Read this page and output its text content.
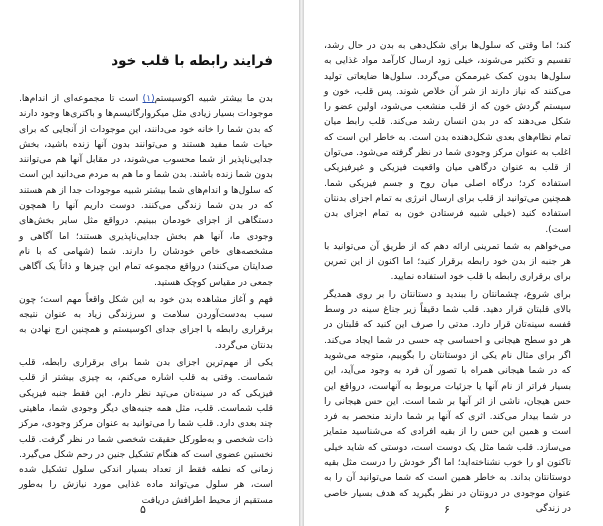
فرایند رابطه با قلب خود

بدن ما بیشتر شبیه اکوسیستم(۱) است تا مجموعه‌ای از اندام‌ها. موجودات بسیار زیادی مثل میکروارگانیسم‌ها و باکتری‌ها وجود دارند که بدن شما را خانه خود می‌دانند، این موجودات از آنجایی که برای حیات شما مفید هستند و می‌توانند بدون آنها زنده باشید، بخش جدایی‌ناپذیر از شما محسوب می‌شوند، در مقابل آنها هم می‌توانند بدون شما زنده باشند. بدن شما و ما هم به مردم می‌دانید این است که سلول‌ها و اندام‌های شما بیشتر شبیه موجودات جدا از هم هستند که در بدن شما زندگی می‌کنند. دوست داریم آنها را همچون دستگاهی از اجزای خودمان ببینیم. درواقع مثل سایر بخش‌های وجودی ما، آنها هم بخش جدایی‌ناپذیری هستند؛ اما آگاهی و مشخصه‌های خاص خودشان را دارند. شما (شهامی که با نام صدایتان می‌کنند) درواقع مجموعه تمام این چیزها و ذاتاً یک آگاهی جمعی در مقیاس کوچک هستید.

فهم و آغاز مشاهده بدن خود به این شکل واقعاً مهم است؛ چون سبب به‌دست‌آوردن سلامت و سرزندگی زیاد به عنوان نتیجه برقراری رابطه با اجزای جدای اکوسیستم و همچنین ارج نهادن به بدنتان می‌گردد.

یکی از مهم‌ترین اجزای بدن شما برای برقراری رابطه، قلب شماست. وقتی به قلب اشاره می‌کنم، به چیزی بیشتر از قلب فیزیکی که در سینه‌تان می‌تپد نظر دارم. این فقط جنبه فیزیکی قلب شماست. قلب، مثل همه جنبه‌های دیگر وجودی شما، ماهیتی چند بعدی دارد. قلب شما را می‌توانید به عنوان مرکز وجودی، مرکز ذات شخصی و به‌طورکل حقیقت شخصی شما در نظر گرفت. قلب نخستین عضوی است که هنگام تشکیل جنین در رحم شکل می‌گیرد. زمانی که نطفه فقط از تعداد بسیار اندکی سلول تشکیل شده است، هر سلول می‌تواند ماده غذایی مورد نیازش را به‌طور مستقیم از محیط اطرافش دریافت

۵

کند؛ اما وقتی که سلول‌ها برای شکل‌دهی به بدن در حال رشد، تقسیم و تکثیر می‌شوند، خیلی زود ارسال کارآمد مواد غذایی به سلول‌ها بدون کمک غیرممکن می‌گردد. سلول‌ها ضایعاتی تولید می‌کنند که نیاز دارند از شر آن خلاص شوند. پس قلب، خون و سیستم گردش خون که از قلب منشعب می‌شود، اولین عضو را شکل می‌دهند که در بدن انسان رشد می‌کند. قلب رابط میان تمام نظام‌های بعدی شکل‌دهنده بدن است. به خاطر این است که اغلب به عنوان مرکز وجودی شما در نظر گرفته می‌شود. می‌توان از قلب به عنوان درگاهی میان واقعیت فیزیکی و غیرفیزیکی استفاده کرد؛ درگاه اصلی میان روح و جسم فیزیکی شما. همچنین می‌توانید از قلب برای ارسال انرژی به تمام اجزای بدنتان استفاده کنید (خیلی شبیه فرستادن خون به تمام اجزای بدن است).

می‌خواهم به شما تمرینی ارائه دهم که از طریق آن می‌توانید با هر جنبه از بدن خود رابطه برقرار کنید؛ اما اکنون از این تمرین برای برقراری رابطه با قلب خود استفاده نمایید.

برای شروع، چشمانتان را ببندید و دستانتان را بر روی همدیگر بالای قلبتان قرار دهید. قلب شما دقیقاً زیر جناغ سینه در وسط قفسه سینه‌تان قرار دارد. مدتی را صرف این کنید که قلبتان در هر دو سطح هیجانی و احساسی چه حسی در شما ایجاد می‌کند. اگر برای مثال نام یکی از دوستانتان را بگوییم، متوجه می‌شوید که در شما هیجانی همراه با تصور آن فرد به وجود می‌آید، این بسیار فراتر از نام آنها یا جزئیات مربوط به آنهاست، درواقع این حس هیجان، ناشی از اثر آنها بر شما است. این حس هیجانی را در شما بیدار می‌کند. اثری که آنها بر شما دارند منحصر به فرد است و همین این حس را از بقیه افرادی که می‌شناسید متمایز می‌سازد. قلب شما مثل یک دوست است، دوستی که شاید خیلی تاکنون او را خوب نشناخته‌اید؛ اما اگر خودش را درست مثل بقیه دوستانتان بداند. به خاطر همین است که شما می‌توانید آن را به عنوان موجودی در درونتان در نظر بگیرید که هدف بسیار خاصی در زندگی

۶
